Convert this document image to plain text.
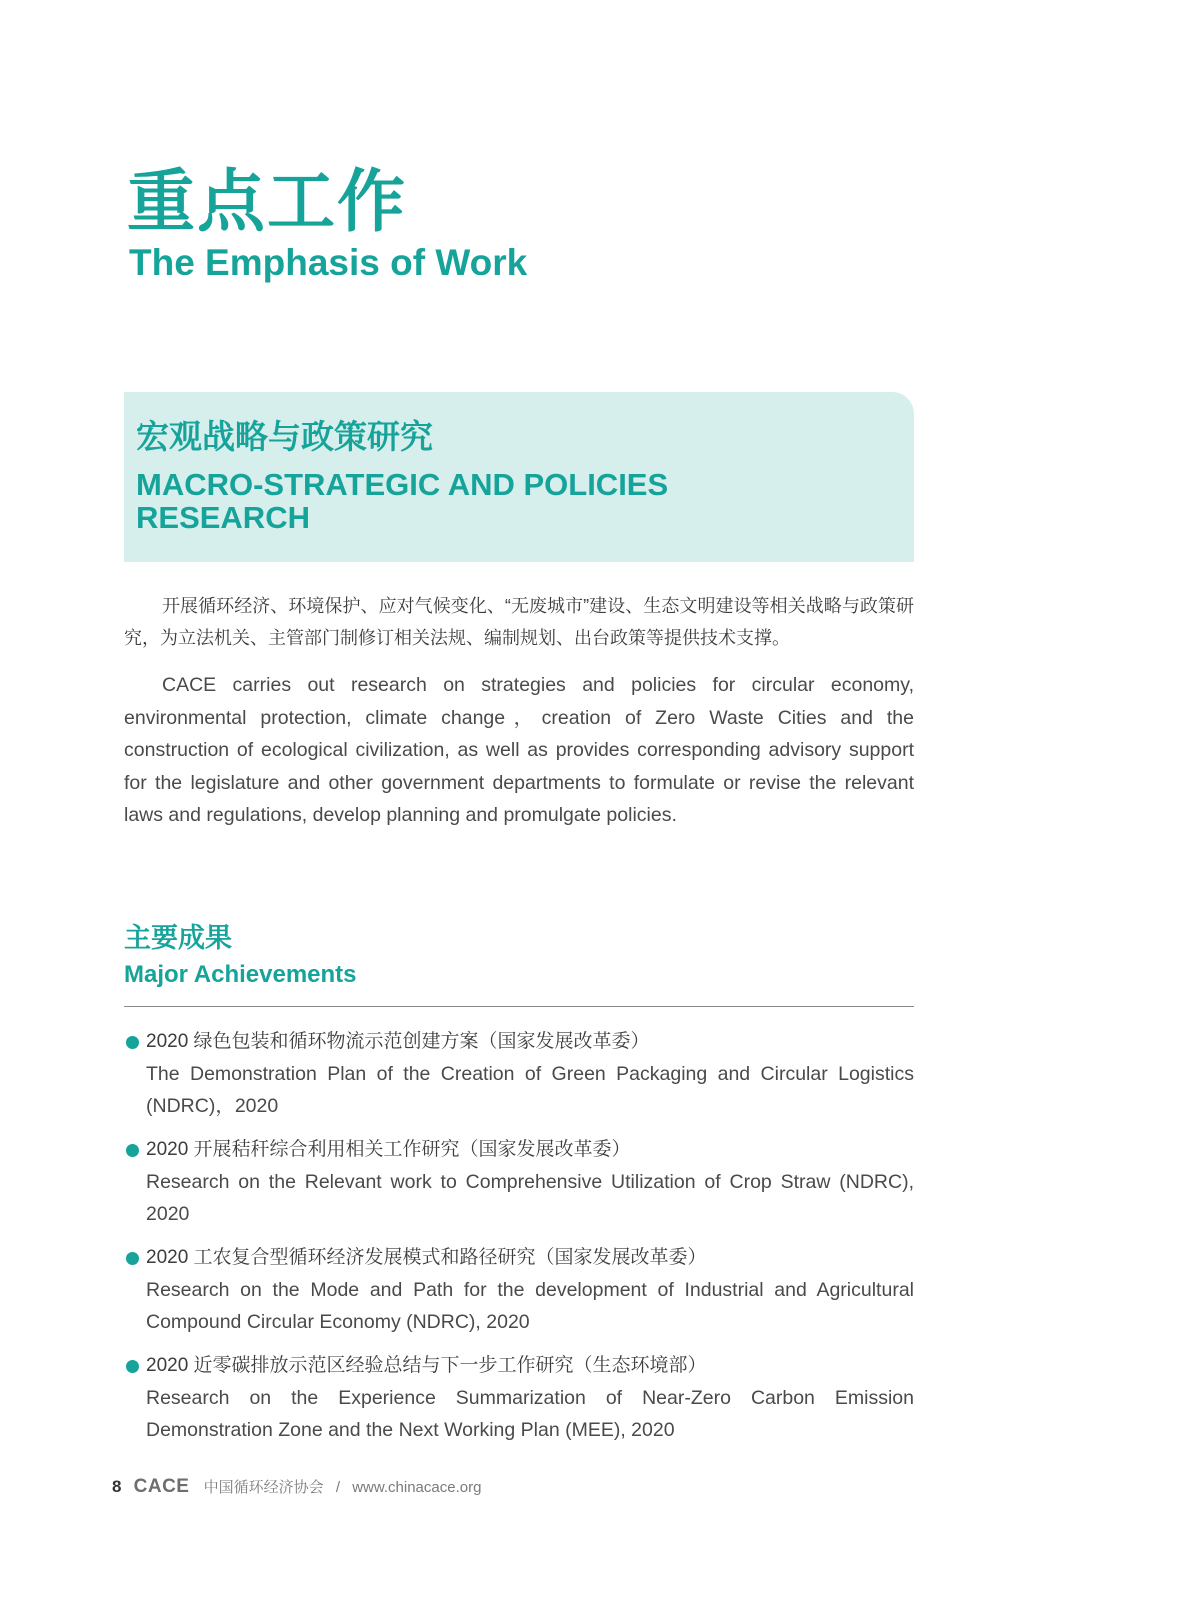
重点工作
The Emphasis of Work
宏观战略与政策研究
MACRO-STRATEGIC AND POLICIES RESEARCH

开展循环经济、环境保护、应对气候变化、“无废城市”建设、生态文明建设等相关战略与政策研究，为立法机关、主管部门制修订相关法规、编制规划、出台政策等提供技术支撑。

CACE carries out research on strategies and policies for circular economy, environmental protection, climate change，creation of Zero Waste Cities and the construction of ecological civilization, as well as provides corresponding advisory support for the legislature and other government departments to formulate or revise the relevant laws and regulations, develop planning and promulgate policies.

主要成果
Major Achievements

2020 绿色包装和循环物流示范创建方案（国家发展改革委）

The Demonstration Plan of the Creation of Green Packaging and Circular Logistics (NDRC)，2020

2020 开展秸秆综合利用相关工作研究（国家发展改革委）

Research on the Relevant work to Comprehensive Utilization of Crop Straw (NDRC), 2020

2020 工农复合型循环经济发展模式和路径研究（国家发展改革委）

Research on the Mode and Path for the development of Industrial and Agricultural Compound Circular Economy (NDRC), 2020

2020 近零碳排放示范区经验总结与下一步工作研究（生态环境部）

Research on the Experience Summarization of Near-Zero Carbon Emission Demonstration Zone and the Next Working Plan (MEE), 2020

8 CACE 中国循环经济协会 / www.chinacace.org
